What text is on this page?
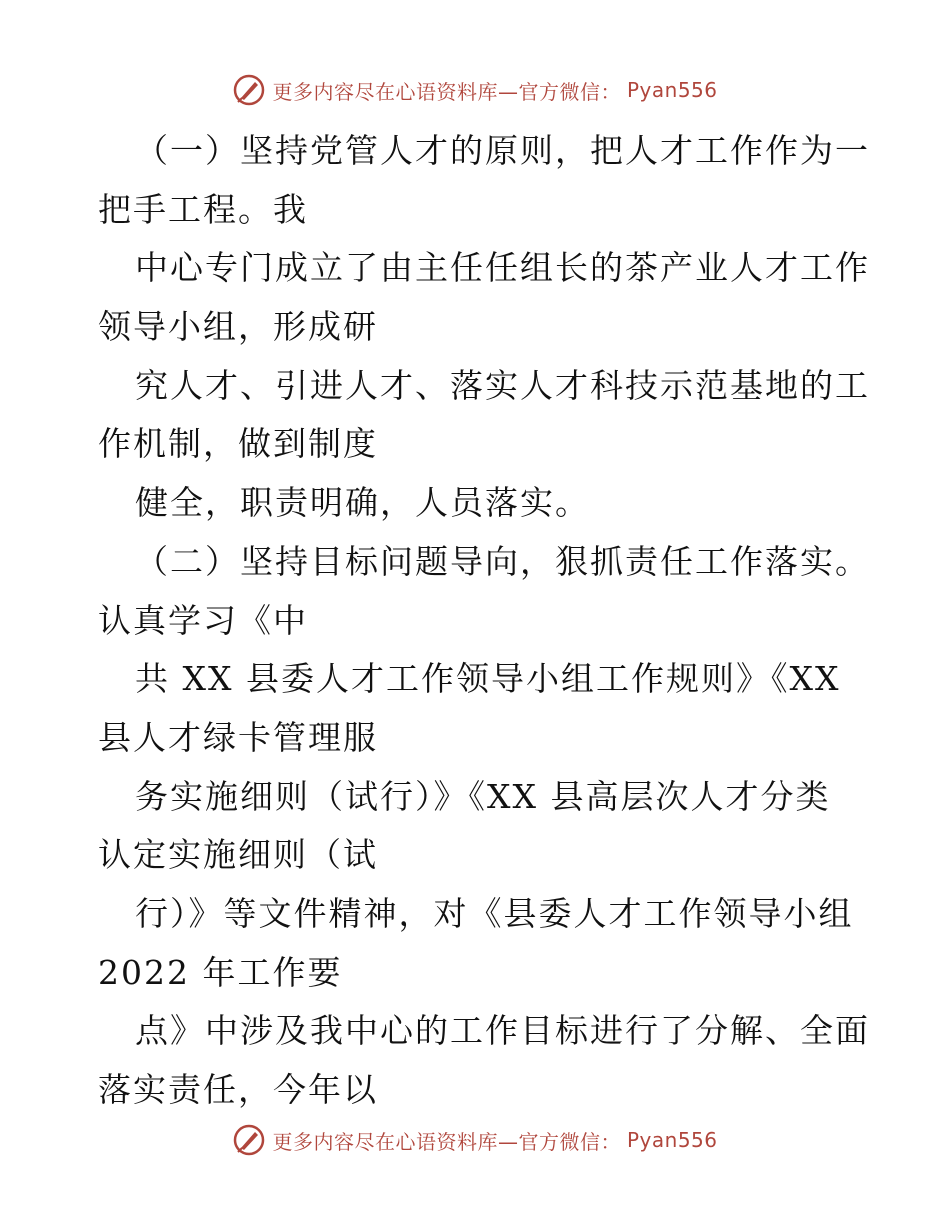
更多内容尽在心语资料库—官方微信： Pyan556
（一）坚持党管人才的原则，把人才工作作为一
把手工程。我
中心专门成立了由主任任组长的茶产业人才工作
领导小组，形成研
究人才、引进人才、落实人才科技示范基地的工
作机制，做到制度
健全，职责明确，人员落实。
（二）坚持目标问题导向，狠抓责任工作落实。
认真学习《中
共 XX 县委人才工作领导小组工作规则》《XX
县人才绿卡管理服
务实施细则（试行）》《XX 县高层次人才分类
认定实施细则（试
行）》等文件精神，对《县委人才工作领导小组
2022 年工作要
点》中涉及我中心的工作目标进行了分解、全面
落实责任，今年以
更多内容尽在心语资料库—官方微信： Pyan556
